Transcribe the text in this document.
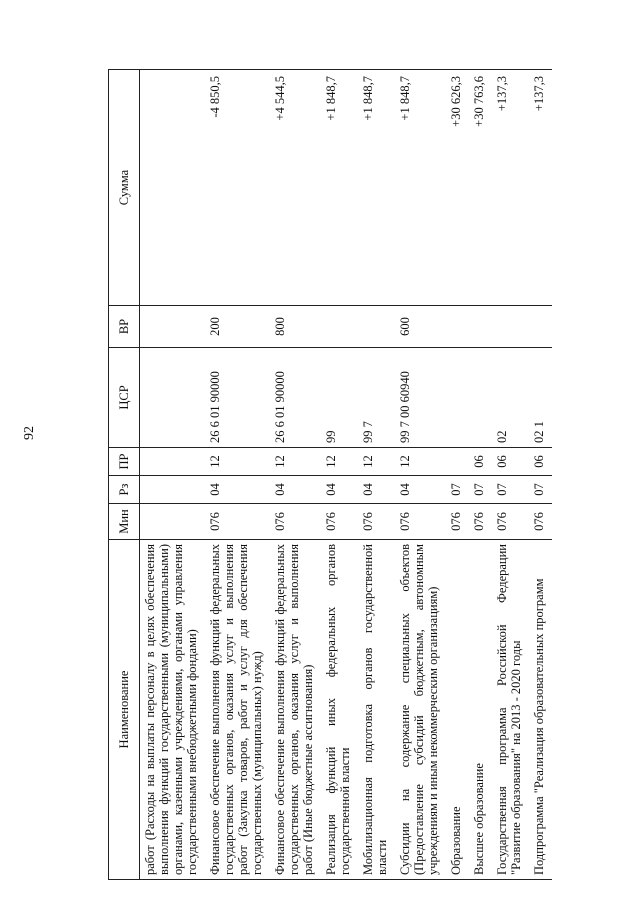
92
Наименование	Мин	Рз	ПР	ЦСР	ВР	Сумма
работ (Расходы на выплаты персоналу в целях обеспечения выполнения функций государственными (муниципальными) органами, казенными учреждениями, органами управления государственными внебюджетными фондами)						
Финансовое обеспечение выполнения функций федеральных государственных органов, оказания услуг и выполнения работ (Закупка товаров, работ и услуг для обеспечения государственных (муниципальных) нужд)	076	04	12	26 6 01 90000	200	-4 850,5
Финансовое обеспечение выполнения функций федеральных государственных органов, оказания услуг и выполнения работ (Иные бюджетные ассигнования)	076	04	12	26 6 01 90000	800	+4 544,5
Реализация функций иных федеральных органов государственной власти	076	04	12	99		+1 848,7
Мобилизационная подготовка органов государственной власти	076	04	12	99 7		+1 848,7
Субсидии на содержание специальных объектов (Предоставление субсидий бюджетным, автономным учреждениям и иным некоммерческим организациям)	076	04	12	99 7 00 60940	600	+1 848,7
Образование	076	07				+30 626,3
Высшее образование	076	07	06			+30 763,6
Государственная программа Российской Федерации "Развитие образования" на 2013 - 2020 годы	076	07	06	02		+137,3
Подпрограмма "Реализация образовательных программ	076	07	06	02 1		+137,3
